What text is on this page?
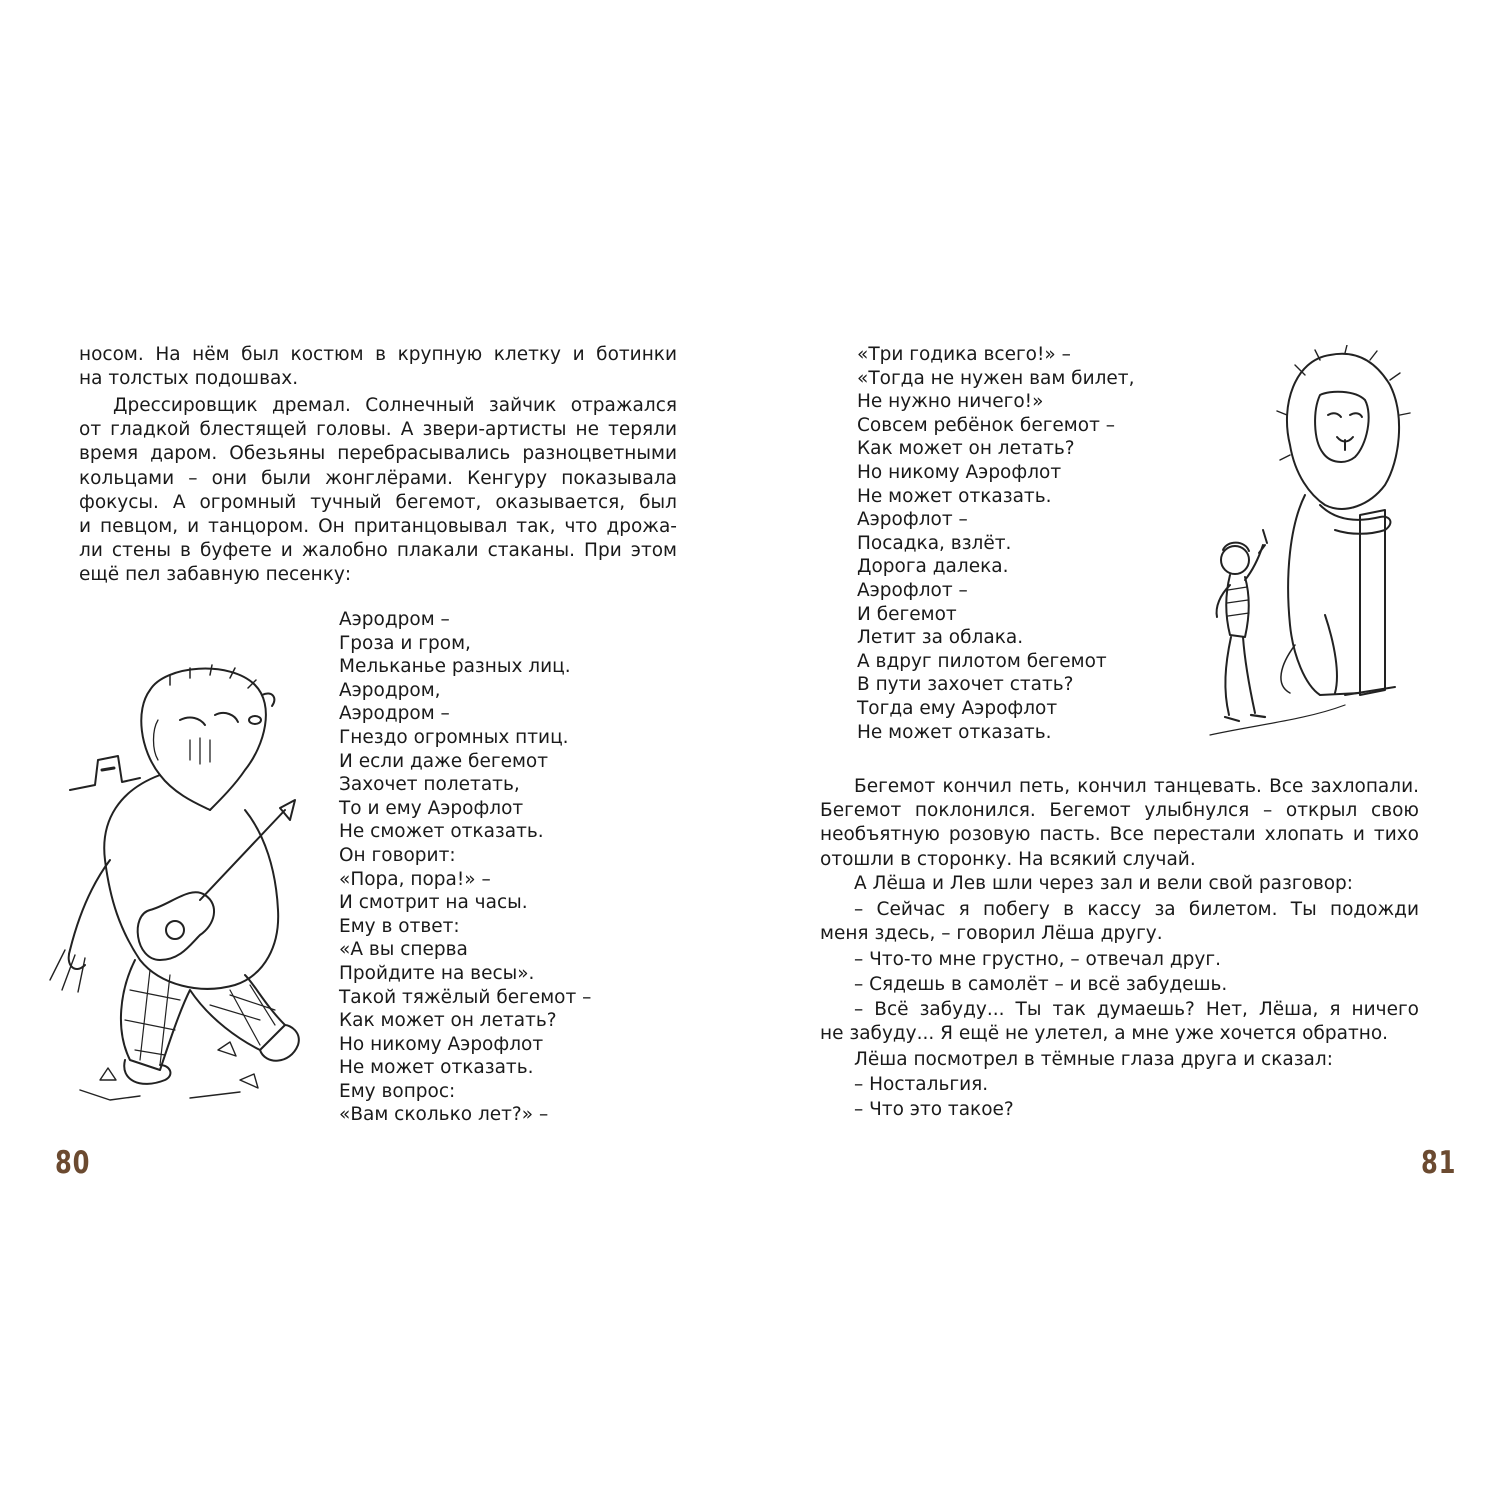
носом. На нём был костюм в крупную клетку и ботинки
на толстых подошвах.
Дрессировщик дремал. Солнечный зайчик отражался
от гладкой блестящей головы. А звери-артисты не теряли
время даром. Обезьяны перебрасывались разноцветными
кольцами – они были жонглёрами. Кенгуру показывала
фокусы. А огромный тучный бегемот, оказывается, был
и певцом, и танцором. Он пританцовывал так, что дрожа-
ли стены в буфете и жалобно плакали стаканы. При этом
ещё пел забавную песенку:
Аэродром –
Гроза и гром,
Мельканье разных лиц.
Аэродром,
Аэродром –
Гнездо огромных птиц.
И если даже бегемот
Захочет полетать,
То и ему Аэрофлот
Не сможет отказать.
Он говорит:
«Пора, пора!» –
И смотрит на часы.
Ему в ответ:
«А вы сперва
Пройдите на весы».
Такой тяжёлый бегемот –
Как может он летать?
Но никому Аэрофлот
Не может отказать.
Ему вопрос:
«Вам сколько лет?» –
80
«Три годика всего!» –
«Тогда не нужен вам билет,
Не нужно ничего!»
Совсем ребёнок бегемот –
Как может он летать?
Но никому Аэрофлот
Не может отказать.
Аэрофлот –
Посадка, взлёт.
Дорога далека.
Аэрофлот –
И бегемот
Летит за облака.
А вдруг пилотом бегемот
В пути захочет стать?
Тогда ему Аэрофлот
Не может отказать.
Бегемот кончил петь, кончил танцевать. Все захлопали.
Бегемот поклонился. Бегемот улыбнулся – открыл свою
необъятную розовую пасть. Все перестали хлопать и тихо
отошли в сторонку. На всякий случай.
А Лёша и Лев шли через зал и вели свой разговор:
– Сейчас я побегу в кассу за билетом. Ты подожди
меня здесь, – говорил Лёша другу.
– Что-то мне грустно, – отвечал друг.
– Сядешь в самолёт – и всё забудешь.
– Всё забуду... Ты так думаешь? Нет, Лёша, я ничего
не забуду... Я ещё не улетел, а мне уже хочется обратно.
Лёша посмотрел в тёмные глаза друга и сказал:
– Ностальгия.
– Что это такое?
81
